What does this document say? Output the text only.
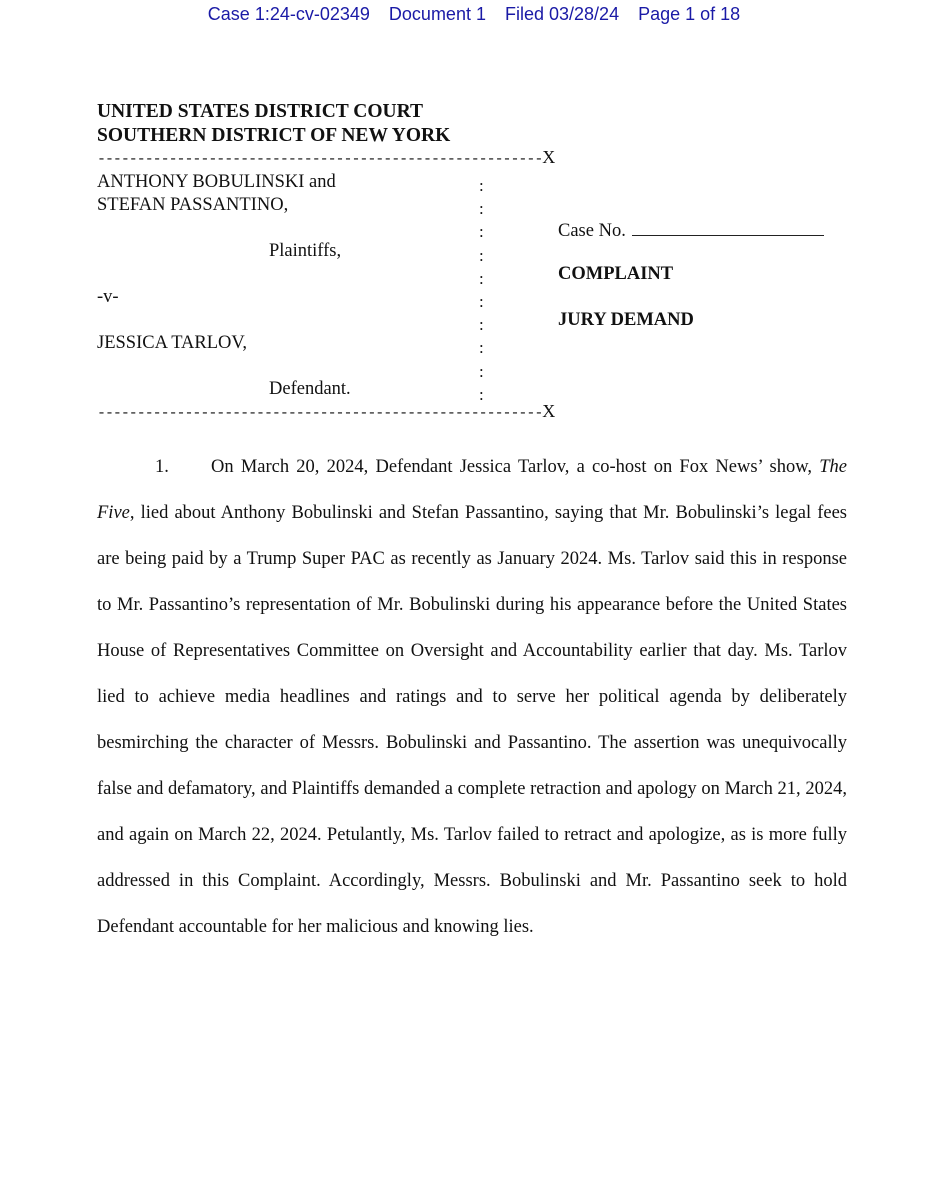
Case 1:24-cv-02349 Document 1 Filed 03/28/24 Page 1 of 18
UNITED STATES DISTRICT COURT
SOUTHERN DISTRICT OF NEW YORK
--------------------------------------------------------X
:
:
:
:
:
:
:
:
:
:
ANTHONY BOBULINSKI and
STEFAN PASSANTINO,
Plaintiffs,
-v-
JESSICA TARLOV,
Defendant.
--------------------------------------------------------X
Case No.
COMPLAINT
JURY DEMAND
1. On March 20, 2024, Defendant Jessica Tarlov, a co-host on Fox News’ show, The Five, lied about Anthony Bobulinski and Stefan Passantino, saying that Mr. Bobulinski’s legal fees are being paid by a Trump Super PAC as recently as January 2024. Ms. Tarlov said this in response to Mr. Passantino’s representation of Mr. Bobulinski during his appearance before the United States House of Representatives Committee on Oversight and Accountability earlier that day. Ms. Tarlov lied to achieve media headlines and ratings and to serve her political agenda by deliberately besmirching the character of Messrs. Bobulinski and Passantino. The assertion was unequivocally false and defamatory, and Plaintiffs demanded a complete retraction and apology on March 21, 2024, and again on March 22, 2024. Petulantly, Ms. Tarlov failed to retract and apologize, as is more fully addressed in this Complaint. Accordingly, Messrs. Bobulinski and Mr. Passantino seek to hold Defendant accountable for her malicious and knowing lies.
